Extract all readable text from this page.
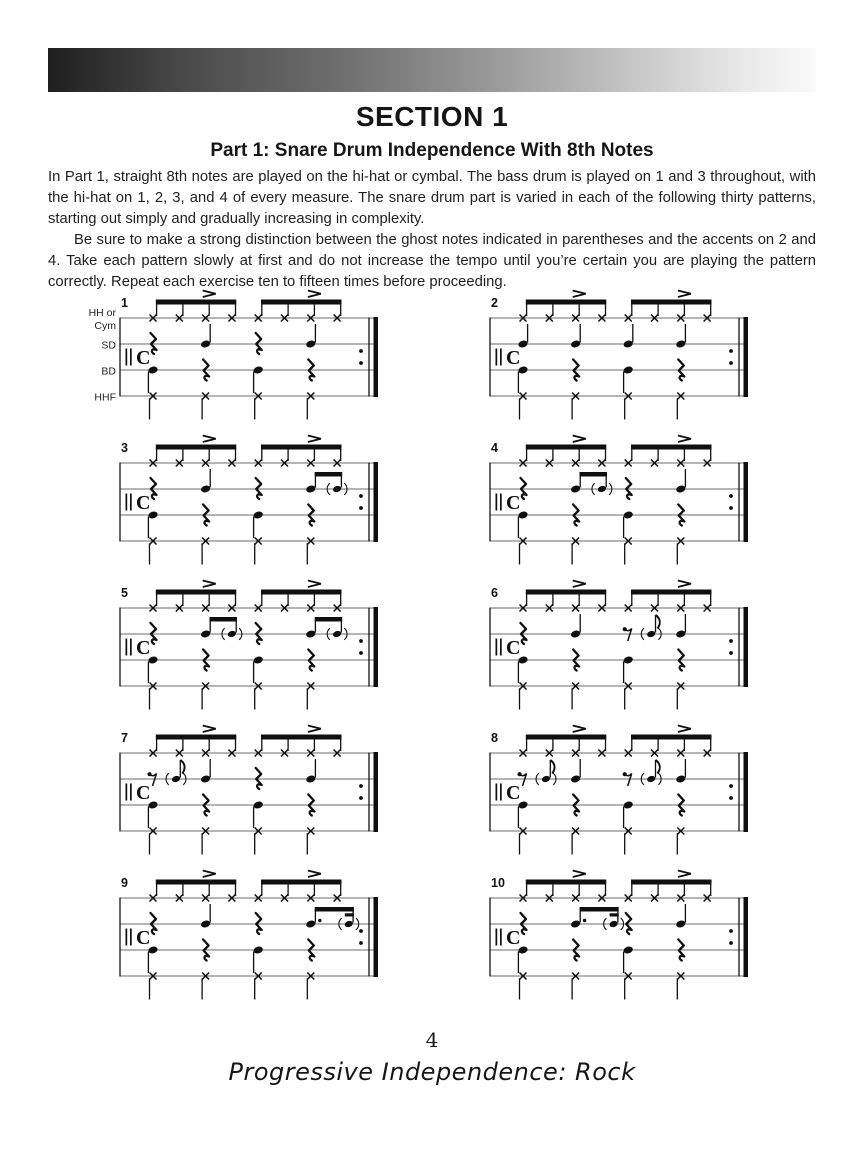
SECTION 1
Part 1: Snare Drum Independence With 8th Notes

In Part 1, straight 8th notes are played on the hi-hat or cymbal. The bass drum is played on 1 and 3 throughout, with the hi-hat on 1, 2, 3, and 4 of every measure. The snare drum part is varied in each of the following thirty patterns, starting out simply and gradually increasing in complexity.

Be sure to make a strong distinction between the ghost notes indicated in parentheses and the accents on 2 and 4. Take each pattern slowly at first and do not increase the tempo until you’re certain you are playing the pattern correctly. Repeat each exercise ten to fifteen times before proceeding.

C
1
HH or
Cym
SD
BD
HHF
C
2
C
3
C
4
C
5
C
6
C
7
C
8
C
9
C
10
4
Progressive Independence: Rock
